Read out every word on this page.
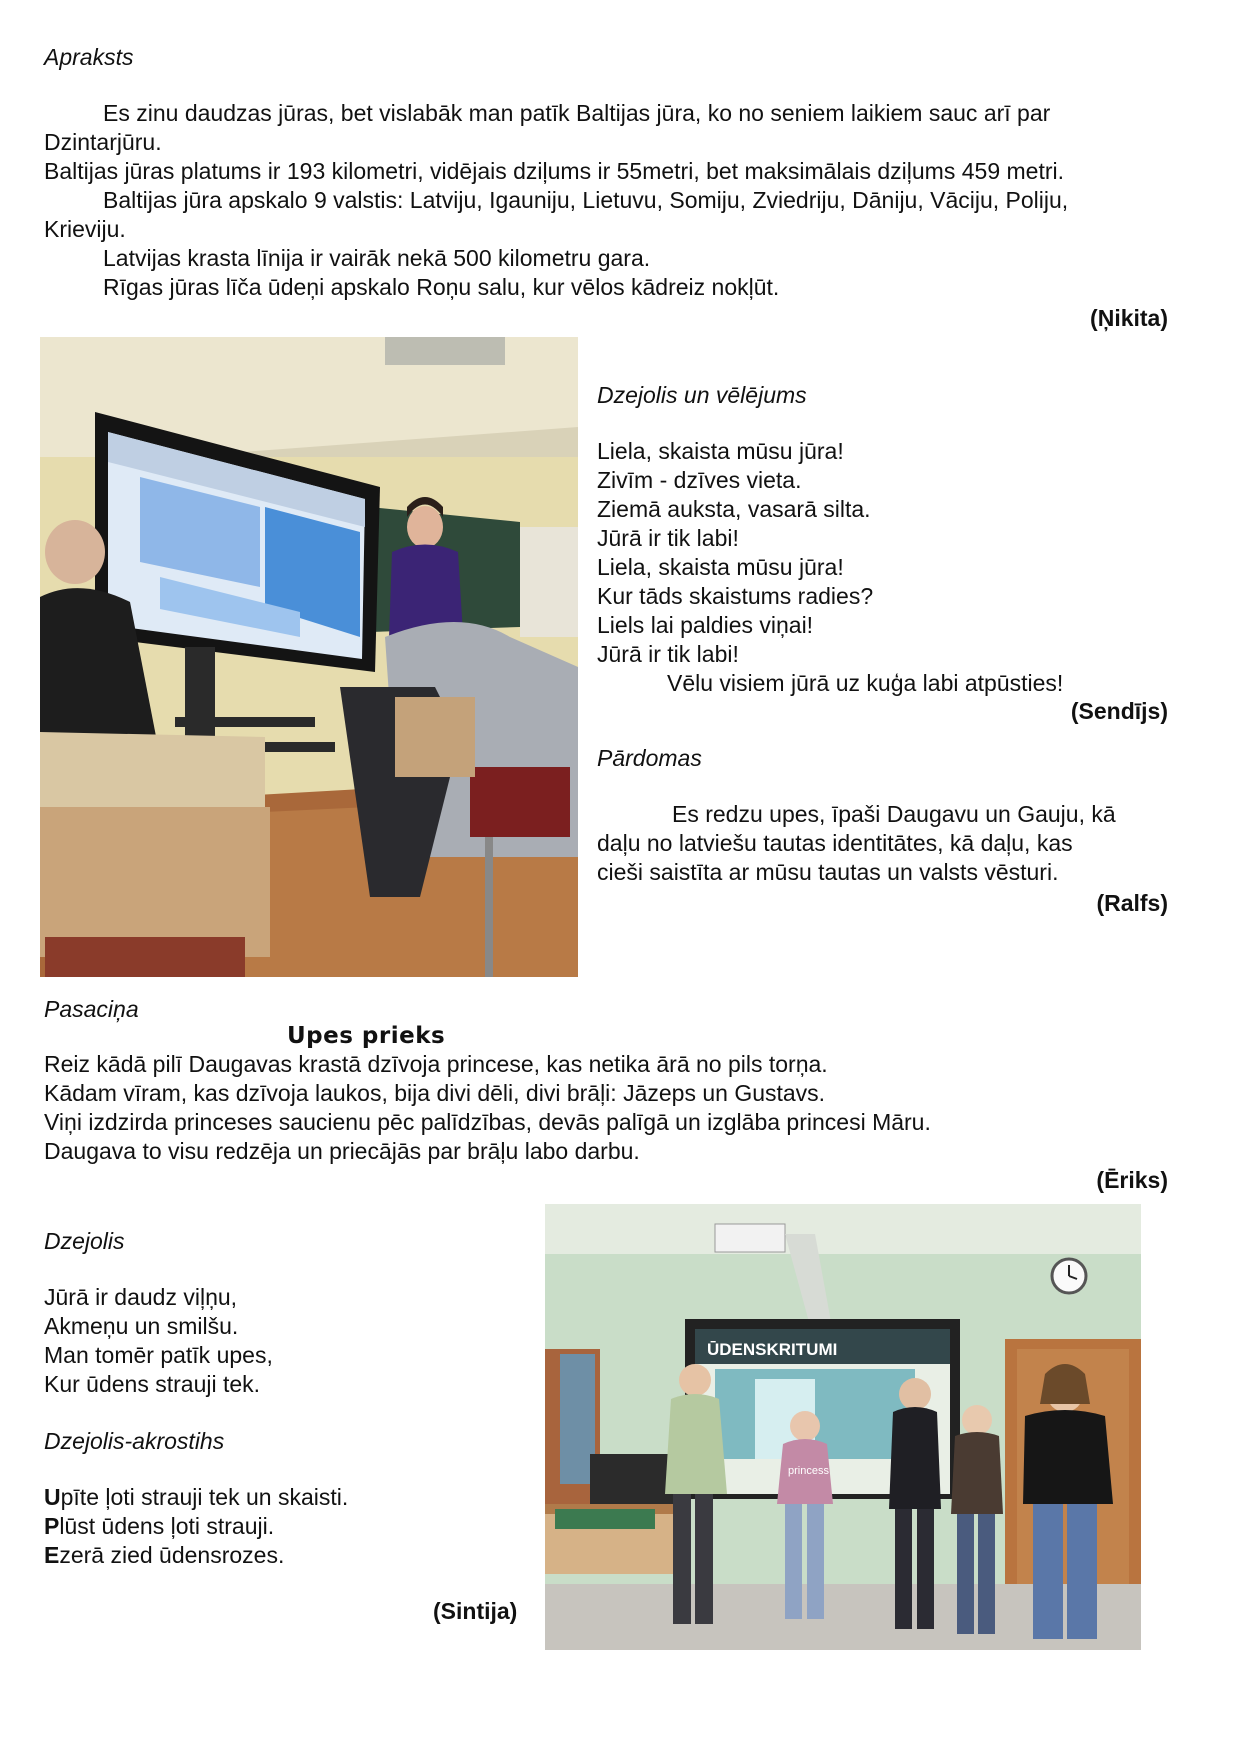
Apraksts
Es zinu daudzas jūras, bet vislabāk man patīk Baltijas jūra, ko no seniem laikiem sauc arī par
Dzintarjūru.
Baltijas jūras platums ir 193 kilometri, vidējais dziļums ir 55metri, bet maksimālais dziļums 459 metri.
Baltijas jūra apskalo 9 valstis: Latviju, Igauniju, Lietuvu, Somiju, Zviedriju, Dāniju, Vāciju, Poliju,
Krieviju.
Latvijas krasta līnija ir vairāk nekā 500 kilometru gara.
Rīgas jūras līča ūdeņi apskalo Roņu salu, kur vēlos kādreiz nokļūt.
(Ņikita)
Dzejolis un vēlējums
Liela, skaista mūsu jūra!
Zivīm - dzīves vieta.
Ziemā auksta, vasarā silta.
Jūrā ir tik labi!
Liela, skaista mūsu jūra!
Kur tāds skaistums radies?
Liels lai paldies viņai!
Jūrā ir tik labi!
Vēlu visiem jūrā uz kuģa labi atpūsties!
(Sendījs)
Pārdomas
Es redzu upes, īpaši Daugavu un Gauju, kā
daļu no latviešu tautas identitātes, kā daļu, kas
cieši saistīta ar mūsu tautas un valsts vēsturi.
(Ralfs)
Pasaciņa
Upes prieks
Reiz kādā pilī Daugavas krastā dzīvoja princese, kas netika ārā no pils torņa.
Kādam vīram, kas dzīvoja laukos, bija divi dēli, divi brāļi: Jāzeps un Gustavs.
Viņi izdzirda princeses saucienu pēc palīdzības, devās palīgā un izglāba princesi Māru.
Daugava to visu redzēja un priecājās par brāļu labo darbu.
(Ēriks)
Dzejolis
Jūrā ir daudz viļņu,
Akmeņu un smilšu.
Man tomēr patīk upes,
Kur ūdens strauji tek.
Dzejolis-akrostihs
Upīte ļoti strauji tek un skaisti.
Plūst ūdens ļoti strauji.
Ezerā zied ūdensrozes.
(Sintija)
ŪDENSKRITUMI
princess
